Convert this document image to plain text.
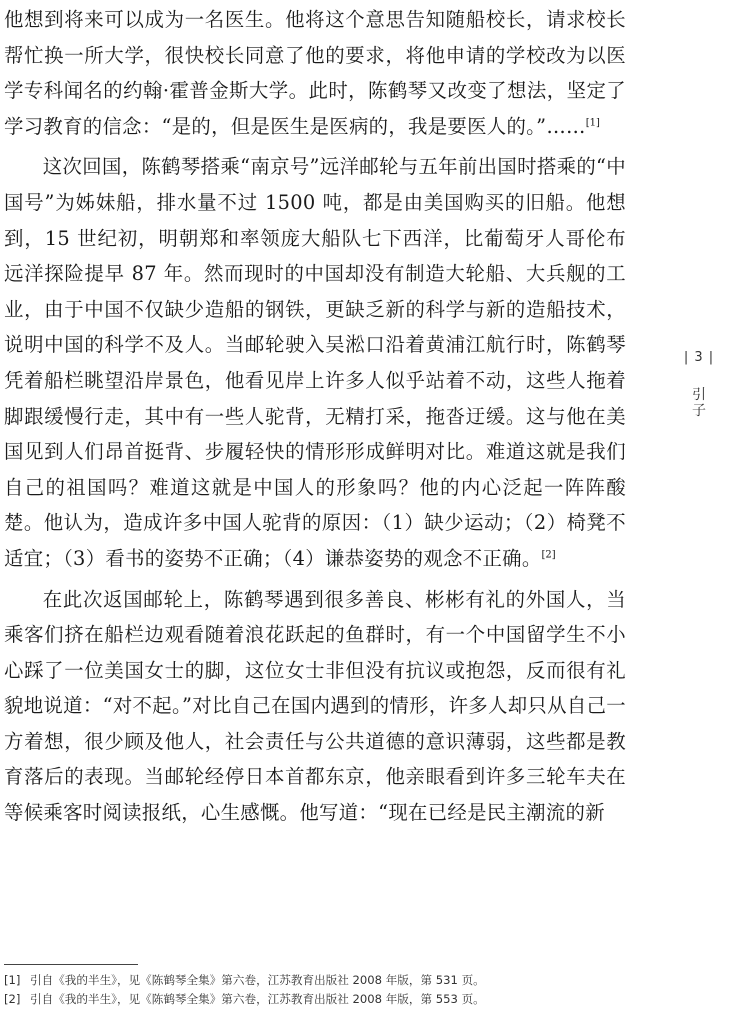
他想到将来可以成为一名医生。他将这个意思告知随船校长，请求校长帮忙换一所大学，很快校长同意了他的要求，将他申请的学校改为以医学专科闻名的约翰·霍普金斯大学。此时，陈鹤琴又改变了想法，坚定了学习教育的信念：“是的，但是医生是医病的，我是要医人的。”……[1]

这次回国，陈鹤琴搭乘“南京号”远洋邮轮与五年前出国时搭乘的“中国号”为姊妹船，排水量不过 1500 吨，都是由美国购买的旧船。他想到，15 世纪初，明朝郑和率领庞大船队七下西洋，比葡萄牙人哥伦布远洋探险提早 87 年。然而现时的中国却没有制造大轮船、大兵舰的工业，由于中国不仅缺少造船的钢铁，更缺乏新的科学与新的造船技术，说明中国的科学不及人。当邮轮驶入吴淞口沿着黄浦江航行时，陈鹤琴凭着船栏眺望沿岸景色，他看见岸上许多人似乎站着不动，这些人拖着脚跟缓慢行走，其中有一些人驼背，无精打采，拖沓迂缓。这与他在美国见到人们昂首挺背、步履轻快的情形形成鲜明对比。难道这就是我们自己的祖国吗？难道这就是中国人的形象吗？他的内心泛起一阵阵酸楚。他认为，造成许多中国人驼背的原因：（1）缺少运动；（2）椅凳不适宜；（3）看书的姿势不正确；（4）谦恭姿势的观念不正确。[2]

在此次返国邮轮上，陈鹤琴遇到很多善良、彬彬有礼的外国人，当乘客们挤在船栏边观看随着浪花跃起的鱼群时，有一个中国留学生不小心踩了一位美国女士的脚，这位女士非但没有抗议或抱怨，反而很有礼貌地说道：“对不起。”对比自己在国内遇到的情形，许多人却只从自己一方着想，很少顾及他人，社会责任与公共道德的意识薄弱，这些都是教育落后的表现。当邮轮经停日本首都东京，他亲眼看到许多三轮车夫在等候乘客时阅读报纸，心生感慨。他写道：“现在已经是民主潮流的新

| 3 |
引子
[1] 引自《我的半生》，见《陈鹤琴全集》第六卷，江苏教育出版社 2008 年版，第 531 页。
[2] 引自《我的半生》，见《陈鹤琴全集》第六卷，江苏教育出版社 2008 年版，第 553 页。
